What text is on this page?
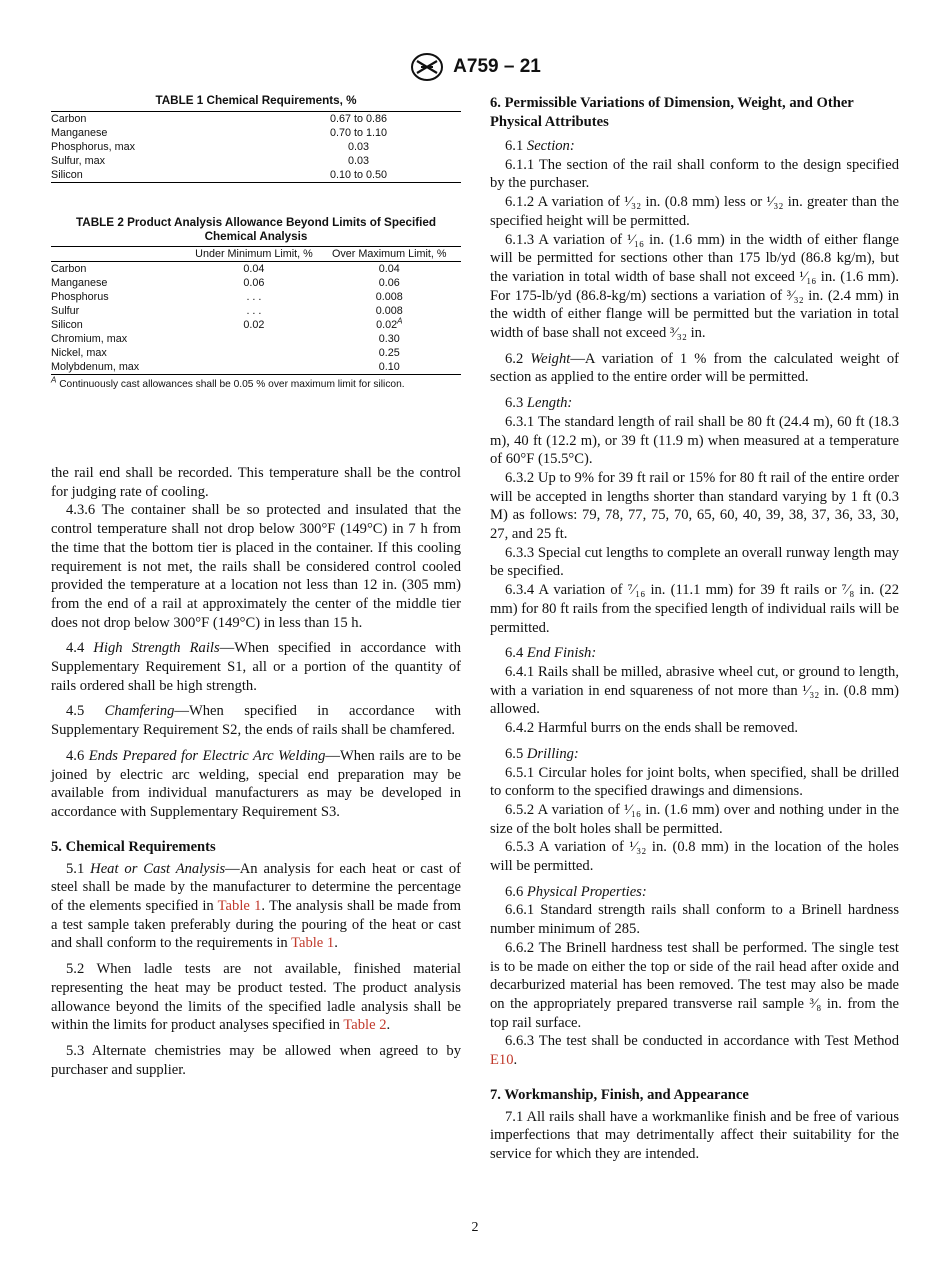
A759 – 21
TABLE 1 Chemical Requirements, %
Carbon	0.67 to 0.86
Manganese	0.70 to 1.10
Phosphorus, max	0.03
Sulfur, max	0.03
Silicon	0.10 to 0.50
TABLE 2 Product Analysis Allowance Beyond Limits of Specified Chemical Analysis
	Under Minimum Limit, %	Over Maximum Limit, %
Carbon	0.04	0.04
Manganese	0.06	0.06
Phosphorus	. . .	0.008
Sulfur	. . .	0.008
Silicon	0.02	$0.02^A$
Chromium, max		0.30
Nickel, max		0.25
Molybdenum, max		0.10
$^A$ Continuously cast allowances shall be 0.05 % over maximum limit for silicon.

the rail end shall be recorded. This temperature shall be the control for judging rate of cooling.

4.3.6 The container shall be so protected and insulated that the control temperature shall not drop below 300°F (149°C) in 7 h from the time that the bottom tier is placed in the container. If this cooling requirement is not met, the rails shall be considered control cooled provided the temperature at a location not less than 12 in. (305 mm) from the end of a rail at approximately the center of the middle tier does not drop below 300°F (149°C) in less than 15 h.

4.4 High Strength Rails—When specified in accordance with Supplementary Requirement S1, all or a portion of the quantity of rails ordered shall be high strength.

4.5 Chamfering—When specified in accordance with Supplementary Requirement S2, the ends of rails shall be chamfered.

4.6 Ends Prepared for Electric Arc Welding—When rails are to be joined by electric arc welding, special end preparation may be available from individual manufacturers as may be developed in accordance with Supplementary Requirement S3.

5. Chemical Requirements

5.1 Heat or Cast Analysis—An analysis for each heat or cast of steel shall be made by the manufacturer to determine the percentage of the elements specified in Table 1. The analysis shall be made from a test sample taken preferably during the pouring of the heat or cast and shall conform to the requirements in Table 1.

5.2 When ladle tests are not available, finished material representing the heat may be product tested. The product analysis allowance beyond the limits of the specified ladle analysis shall be within the limits for product analyses specified in Table 2.

5.3 Alternate chemistries may be allowed when agreed to by purchaser and supplier.

6. Permissible Variations of Dimension, Weight, and Other Physical Attributes

6.1 Section:

6.1.1 The section of the rail shall conform to the design specified by the purchaser.

6.1.2 A variation of ¹⁄₃₂ in. (0.8 mm) less or ¹⁄₃₂ in. greater than the specified height will be permitted.

6.1.3 A variation of ¹⁄₁₆ in. (1.6 mm) in the width of either flange will be permitted for sections other than 175 lb/yd (86.8 kg/m), but the variation in total width of base shall not exceed ¹⁄₁₆ in. (1.6 mm). For 175-lb/yd (86.8-kg/m) sections a variation of ³⁄₃₂ in. (2.4 mm) in the width of either flange will be permitted but the variation in total width of base shall not exceed ³⁄₃₂ in.

6.2 Weight—A variation of 1 % from the calculated weight of section as applied to the entire order will be permitted.

6.3 Length:

6.3.1 The standard length of rail shall be 80 ft (24.4 m), 60 ft (18.3 m), 40 ft (12.2 m), or 39 ft (11.9 m) when measured at a temperature of 60°F (15.5°C).

6.3.2 Up to 9% for 39 ft rail or 15% for 80 ft rail of the entire order will be accepted in lengths shorter than standard varying by 1 ft (0.3 M) as follows: 79, 78, 77, 75, 70, 65, 60, 40, 39, 38, 37, 36, 33, 30, 27, and 25 ft.

6.3.3 Special cut lengths to complete an overall runway length may be specified.

6.3.4 A variation of ⁷⁄₁₆ in. (11.1 mm) for 39 ft rails or ⁷⁄₈ in. (22 mm) for 80 ft rails from the specified length of individual rails will be permitted.

6.4 End Finish:

6.4.1 Rails shall be milled, abrasive wheel cut, or ground to length, with a variation in end squareness of not more than ¹⁄₃₂ in. (0.8 mm) allowed.

6.4.2 Harmful burrs on the ends shall be removed.

6.5 Drilling:

6.5.1 Circular holes for joint bolts, when specified, shall be drilled to conform to the specified drawings and dimensions.

6.5.2 A variation of ¹⁄₁₆ in. (1.6 mm) over and nothing under in the size of the bolt holes shall be permitted.

6.5.3 A variation of ¹⁄₃₂ in. (0.8 mm) in the location of the holes will be permitted.

6.6 Physical Properties:

6.6.1 Standard strength rails shall conform to a Brinell hardness number minimum of 285.

6.6.2 The Brinell hardness test shall be performed. The single test is to be made on either the top or side of the rail head after oxide and decarburized material has been removed. The test may also be made on the appropriately prepared transverse rail sample ³⁄₈ in. from the top rail surface.

6.6.3 The test shall be conducted in accordance with Test Method E10.

7. Workmanship, Finish, and Appearance

7.1 All rails shall have a workmanlike finish and be free of various imperfections that may detrimentally affect their suitability for the service for which they are intended.

2
